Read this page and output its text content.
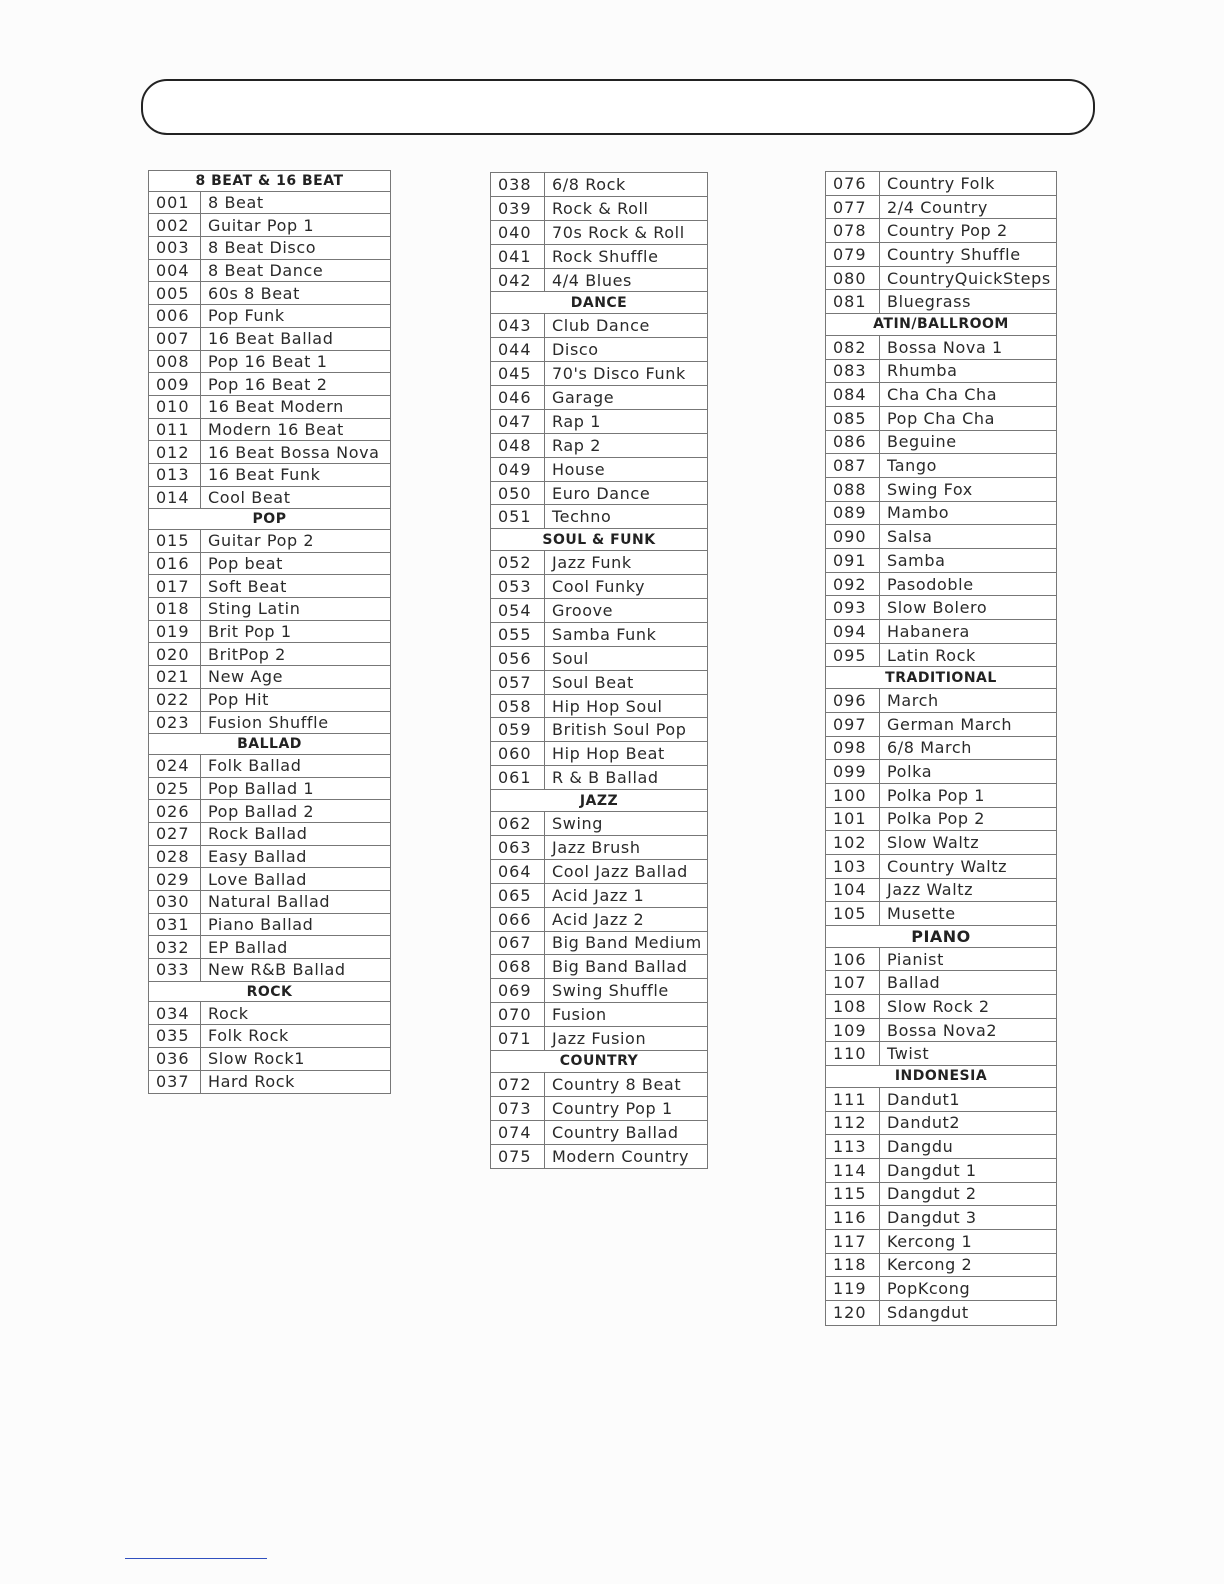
8 BEAT & 16 BEAT
001	8 Beat
002	Guitar Pop 1
003	8 Beat Disco
004	8 Beat Dance
005	60s 8 Beat
006	Pop Funk
007	16 Beat Ballad
008	Pop 16 Beat 1
009	Pop 16 Beat 2
010	16 Beat Modern
011	Modern 16 Beat
012	16 Beat Bossa Nova
013	16 Beat Funk
014	Cool Beat
POP
015	Guitar Pop 2
016	Pop beat
017	Soft Beat
018	Sting Latin
019	Brit Pop 1
020	BritPop 2
021	New Age
022	Pop Hit
023	Fusion Shuffle
BALLAD
024	Folk Ballad
025	Pop Ballad 1
026	Pop Ballad 2
027	Rock Ballad
028	Easy Ballad
029	Love Ballad
030	Natural Ballad
031	Piano Ballad
032	EP Ballad
033	New R&B Ballad
ROCK
034	Rock
035	Folk Rock
036	Slow Rock1
037	Hard Rock
038	6/8 Rock
039	Rock & Roll
040	70s Rock & Roll
041	Rock Shuffle
042	4/4 Blues
DANCE
043	Club Dance
044	Disco
045	70's Disco Funk
046	Garage
047	Rap 1
048	Rap 2
049	House
050	Euro Dance
051	Techno
SOUL & FUNK
052	Jazz Funk
053	Cool Funky
054	Groove
055	Samba Funk
056	Soul
057	Soul Beat
058	Hip Hop Soul
059	British Soul Pop
060	Hip Hop Beat
061	R & B Ballad
JAZZ
062	Swing
063	Jazz Brush
064	Cool Jazz Ballad
065	Acid Jazz 1
066	Acid Jazz 2
067	Big Band Medium
068	Big Band Ballad
069	Swing Shuffle
070	Fusion
071	Jazz Fusion
COUNTRY
072	Country 8 Beat
073	Country Pop 1
074	Country Ballad
075	Modern Country
076	Country Folk
077	2/4 Country
078	Country Pop 2
079	Country Shuffle
080	CountryQuickSteps
081	Bluegrass
ATIN/BALLROOM
082	Bossa Nova 1
083	Rhumba
084	Cha Cha Cha
085	Pop Cha Cha
086	Beguine
087	Tango
088	Swing Fox
089	Mambo
090	Salsa
091	Samba
092	Pasodoble
093	Slow Bolero
094	Habanera
095	Latin Rock
TRADITIONAL
096	March
097	German March
098	6/8 March
099	Polka
100	Polka Pop 1
101	Polka Pop 2
102	Slow Waltz
103	Country Waltz
104	Jazz Waltz
105	Musette
PIANO
106	Pianist
107	Ballad
108	Slow Rock 2
109	Bossa Nova2
110	Twist
INDONESIA
111	Dandut1
112	Dandut2
113	Dangdu
114	Dangdut 1
115	Dangdut 2
116	Dangdut 3
117	Kercong 1
118	Kercong 2
119	PopKcong
120	Sdangdut
